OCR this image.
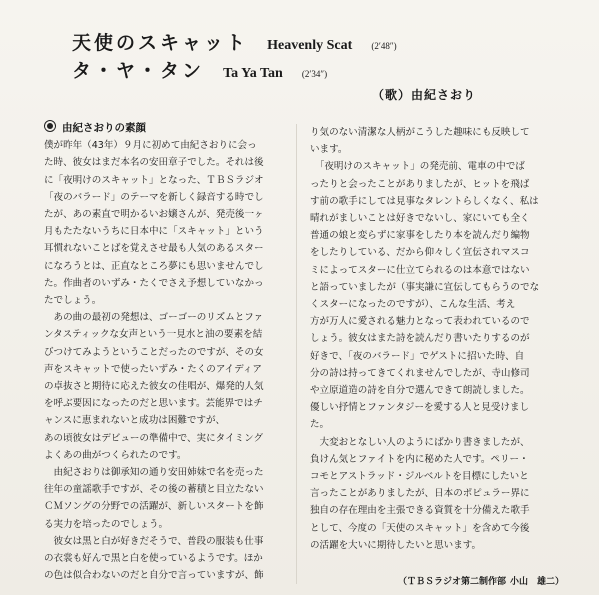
天使のスキャット Heavenly Scat (2′48″)
タ・ヤ・タン Ta Ya Tan (2′34″)
（歌）由紀さおり

由紀さおりの素顔

僕が昨年（43年）９月に初めて由紀さおりに会っ

た時、彼女はまだ本名の安田章子でした。それは後

に「夜明けのスキャット」となった、ＴＢＳラジオ

「夜のバラード」のテーマを新しく録音する時でし

たが、あの素直で明かるいお嬢さんが、発売後一ヶ

月もたたないうちに日本中に「スキャット」という

耳慣れないことばを覚えさせ最も人気のあるスター

になろうとは、正直なところ夢にも思いませんでし

た。作曲者のいずみ・たくでさえ予想していなかっ

たでしょう。

　あの曲の最初の発想は、ゴーゴーのリズムとファ

ンタスティックな女声という一見水と油の要素を結

びつけてみようということだったのですが、その女

声をスキャットで使ったいずみ・たくのアイディア

の卓抜さと期待に応えた彼女の佳唱が、爆発的人気

を呼ぶ要因になったのだと思います。芸能界ではチ

ャンスに恵まれないと成功は困難ですが、

あの頃彼女はデビューの準備中で、実にタイミング

よくあの曲がつくられたのです。

　由紀さおりは御承知の通り安田姉妹で名を売った

往年の童謡歌手ですが、その後の蓄積と目立たない

ＣＭソングの分野での活躍が、新しいスタートを飾

る実力を培ったのでしょう。

　彼女は黒と白が好きだそうで、普段の服装も仕事

の衣裳も好んで黒と白を使っているようです。ほか

の色は似合わないのだと自分で言っていますが、飾

り気のない清潔な人柄がこうした趣味にも反映して

います。

　「夜明けのスキャット」の発売前、電車の中でば

ったりと会ったことがありましたが、ヒットを飛ば

す前の歌手にしては見事なタレントらしくなく、私は

晴れがましいことは好きでないし、家にいても全く

普通の娘と変らずに家事をしたり本を読んだり編物

をしたりしている、だから仰々しく宣伝されマスコ

ミによってスターに仕立てられるのは本意ではない

と語っていましたが（事実謙に宣伝してもらうのでな

くスターになったのですが）、こんな生活、考え

方が万人に愛される魅力となって表われているので

しょう。彼女はまた詩を読んだり書いたりするのが

好きで、「夜のバラード」でゲストに招いた時、自

分の詩は持ってきてくれませんでしたが、寺山修司

や立原道造の詩を自分で選んできて朗読しました。

優しい抒情とファンタジーを愛する人と見受けまし

た。

　大変おとなしい人のようにばかり書きましたが、

負けん気とファイトを内に秘めた人です。ペリー・

コモとアストラッド・ジルベルトを目標にしたいと

言ったことがありましたが、日本のポピュラー界に

独自の存在理由を主張できる資質を十分備えた歌手

として、今度の「天使のスキャット」を含めて今後

の活躍を大いに期待したいと思います。

（ＴＢＳラジオ第二制作部 小山　雄二）
